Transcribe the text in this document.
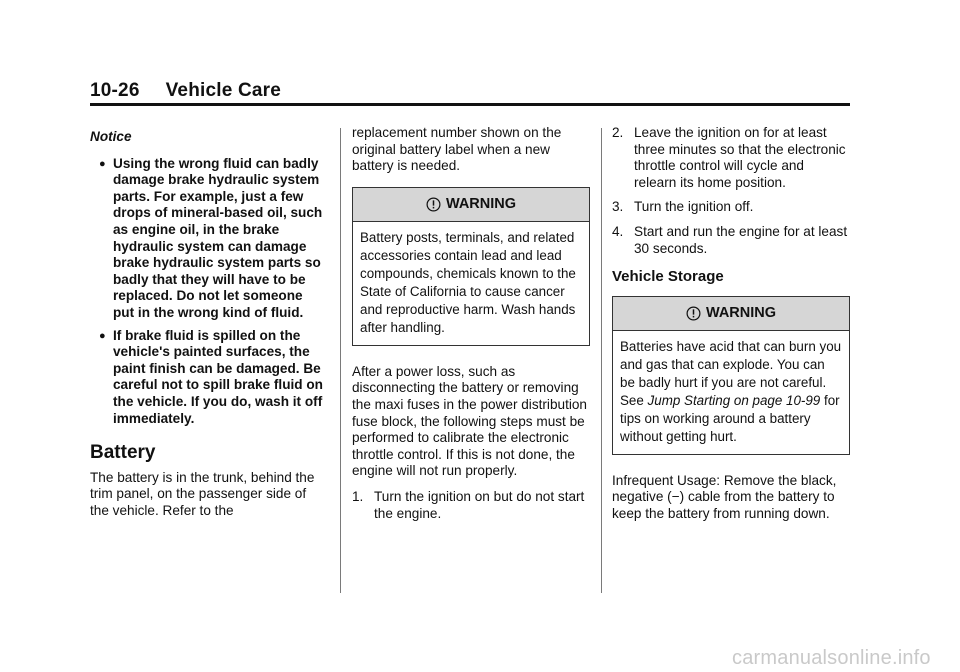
10-26 Vehicle Care
Notice
● Using the wrong fluid can badly damage brake hydraulic system parts. For example, just a few drops of mineral-based oil, such as engine oil, in the brake hydraulic system can damage brake hydraulic system parts so badly that they will have to be replaced. Do not let someone put in the wrong kind of fluid.
● If brake fluid is spilled on the vehicle's painted surfaces, the paint finish can be damaged. Be careful not to spill brake fluid on the vehicle. If you do, wash it off immediately.
Battery

The battery is in the trunk, behind the trim panel, on the passenger side of the vehicle. Refer to the

replacement number shown on the original battery label when a new battery is needed.

WARNING
Battery posts, terminals, and related accessories contain lead and lead compounds, chemicals known to the State of California to cause cancer and reproductive harm. Wash hands after handling.

After a power loss, such as disconnecting the battery or removing the maxi fuses in the power distribution fuse block, the following steps must be performed to calibrate the electronic throttle control. If this is not done, the engine will not run properly.

1. Turn the ignition on but do not start the engine.
2. Leave the ignition on for at least three minutes so that the electronic throttle control will cycle and relearn its home position.
3. Turn the ignition off.
4. Start and run the engine for at least 30 seconds.
Vehicle Storage
WARNING
Batteries have acid that can burn you and gas that can explode. You can be badly hurt if you are not careful. See Jump Starting on page 10-99 for tips on working around a battery without getting hurt.

Infrequent Usage: Remove the black, negative (−) cable from the battery to keep the battery from running down.

carmanualsonline.info
